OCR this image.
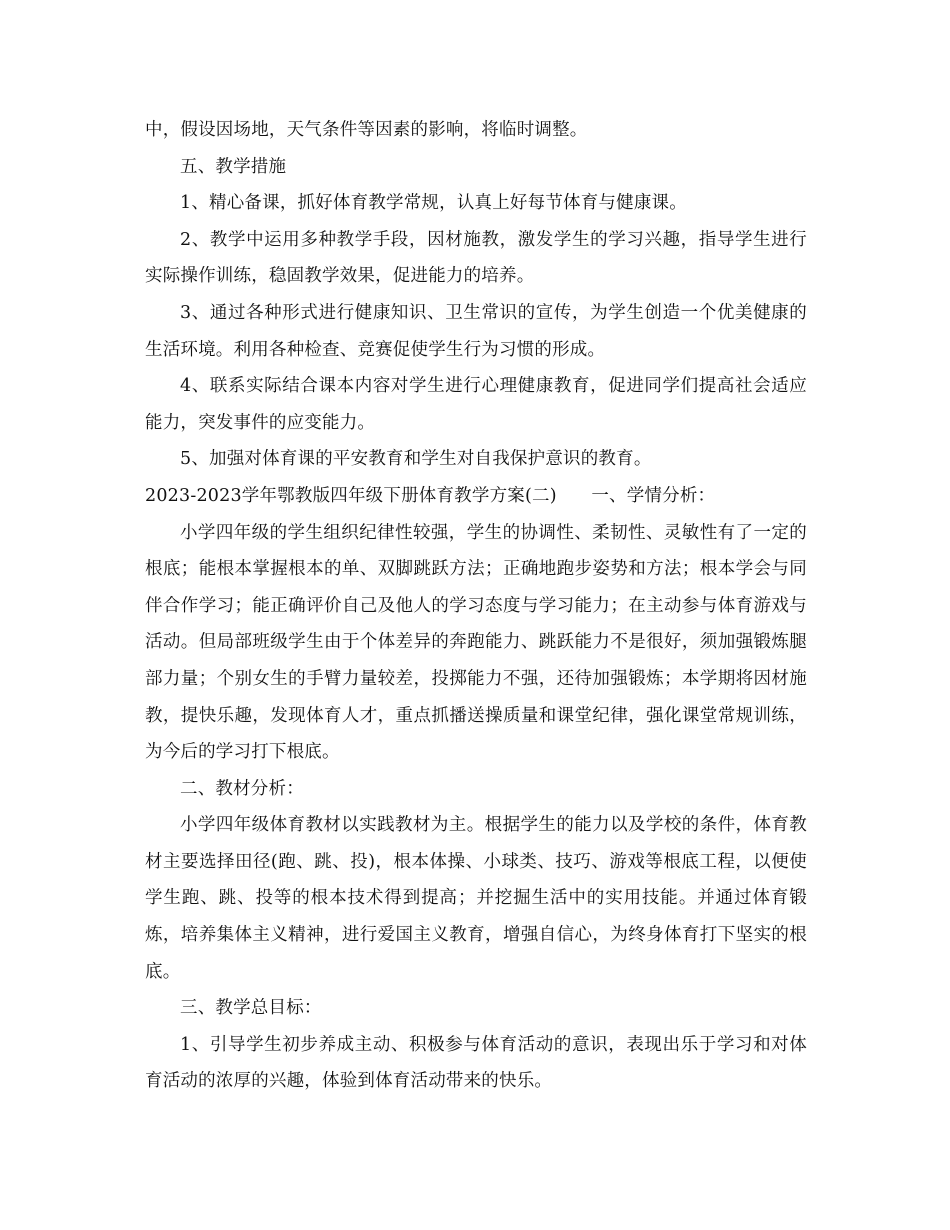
中，假设因场地，天气条件等因素的影响，将临时调整。

五、教学措施

1、精心备课，抓好体育教学常规，认真上好每节体育与健康课。

2、教学中运用多种教学手段，因材施教，激发学生的学习兴趣，指导学生进行实际操作训练，稳固教学效果，促进能力的培养。

3、通过各种形式进行健康知识、卫生常识的宣传，为学生创造一个优美健康的生活环境。利用各种检查、竞赛促使学生行为习惯的形成。

4、联系实际结合课本内容对学生进行心理健康教育，促进同学们提高社会适应能力，突发事件的应变能力。

5、加强对体育课的平安教育和学生对自我保护意识的教育。

2023-2023学年鄂教版四年级下册体育教学方案(二)      一、学情分析：

小学四年级的学生组织纪律性较强，学生的协调性、柔韧性、灵敏性有了一定的根底；能根本掌握根本的单、双脚跳跃方法；正确地跑步姿势和方法；根本学会与同伴合作学习；能正确评价自己及他人的学习态度与学习能力；在主动参与体育游戏与活动。但局部班级学生由于个体差异的奔跑能力、跳跃能力不是很好，须加强锻炼腿部力量；个别女生的手臂力量较差，投掷能力不强，还待加强锻炼；本学期将因材施教，提快乐趣，发现体育人才，重点抓播送操质量和课堂纪律，强化课堂常规训练，为今后的学习打下根底。

二、教材分析：

小学四年级体育教材以实践教材为主。根据学生的能力以及学校的条件，体育教材主要选择田径(跑、跳、投)，根本体操、小球类、技巧、游戏等根底工程，以便使学生跑、跳、投等的根本技术得到提高；并挖掘生活中的实用技能。并通过体育锻炼，培养集体主义精神，进行爱国主义教育，增强自信心，为终身体育打下坚实的根底。

三、教学总目标：

1、引导学生初步养成主动、积极参与体育活动的意识，表现出乐于学习和对体育活动的浓厚的兴趣，体验到体育活动带来的快乐。
